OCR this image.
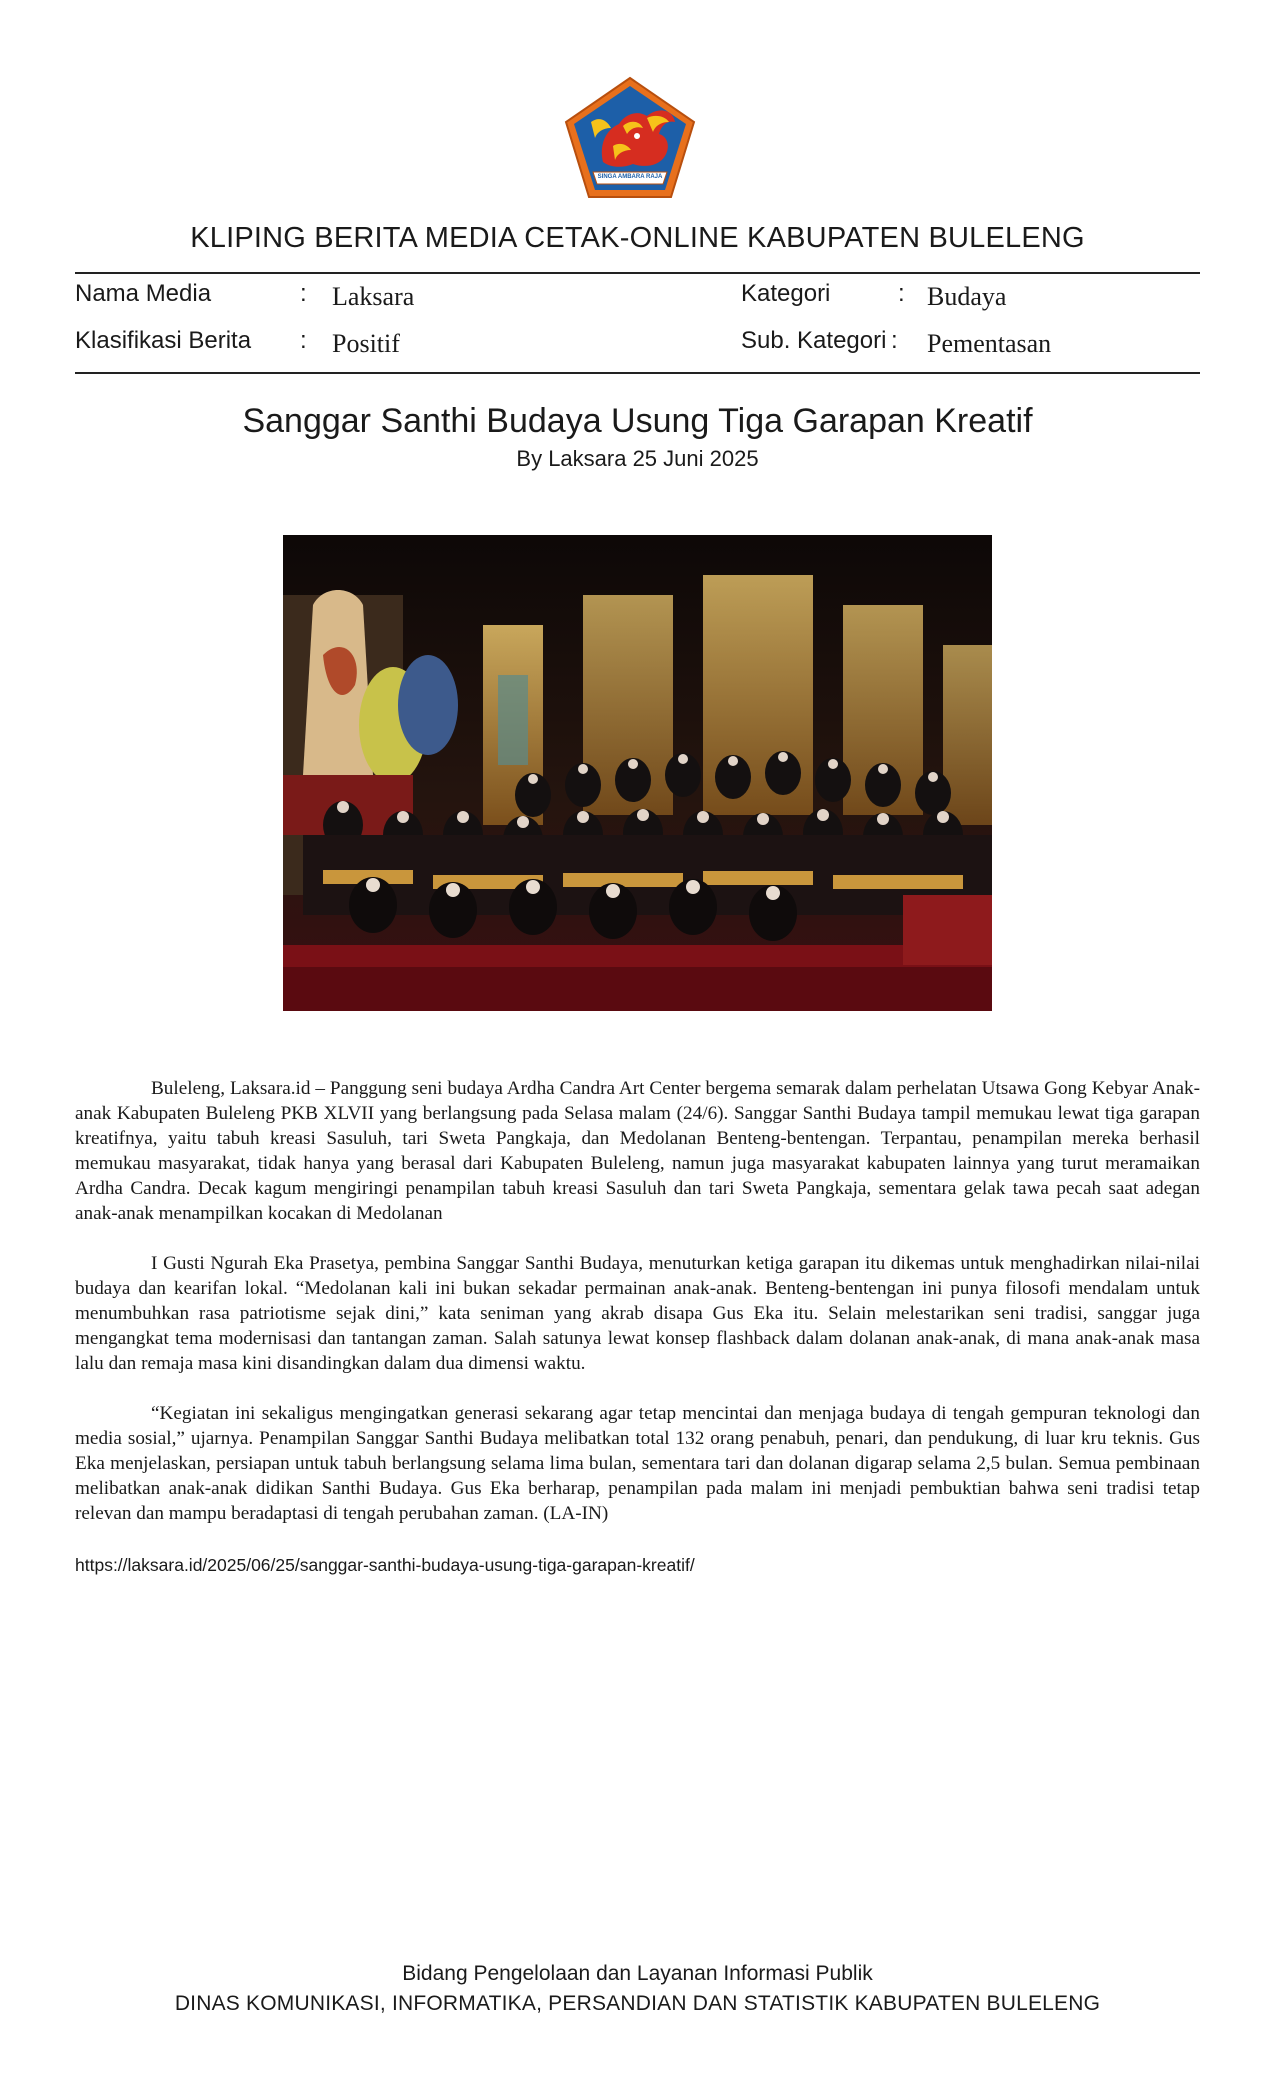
SINGA AMBARA RAJA
KLIPING BERITA MEDIA CETAK-ONLINE KABUPATEN BULELENG
Nama Media	: Laksara	Kategori	: Budaya
Klasifikasi Berita : Positif	Sub. Kategori : Pementasan
Sanggar Santhi Budaya Usung Tiga Garapan Kreatif
By Laksara 25 Juni 2025

Buleleng, Laksara.id – Panggung seni budaya Ardha Candra Art Center bergema semarak dalam perhelatan Utsawa Gong Kebyar Anak-anak Kabupaten Buleleng PKB XLVII yang berlangsung pada Selasa malam (24/6). Sanggar Santhi Budaya tampil memukau lewat tiga garapan kreatifnya, yaitu tabuh kreasi Sasuluh, tari Sweta Pangkaja, dan Medolanan Benteng-bentengan. Terpantau, penampilan mereka berhasil memukau masyarakat, tidak hanya yang berasal dari Kabupaten Buleleng, namun juga masyarakat kabupaten lainnya yang turut meramaikan Ardha Candra. Decak kagum mengiringi penampilan tabuh kreasi Sasuluh dan tari Sweta Pangkaja, sementara gelak tawa pecah saat adegan anak-anak menampilkan kocakan di Medolanan

I Gusti Ngurah Eka Prasetya, pembina Sanggar Santhi Budaya, menuturkan ketiga garapan itu dikemas untuk menghadirkan nilai-nilai budaya dan kearifan lokal. “Medolanan kali ini bukan sekadar permainan anak-anak. Benteng-bentengan ini punya filosofi mendalam untuk menumbuhkan rasa patriotisme sejak dini,” kata seniman yang akrab disapa Gus Eka itu. Selain melestarikan seni tradisi, sanggar juga mengangkat tema modernisasi dan tantangan zaman. Salah satunya lewat konsep flashback dalam dolanan anak-anak, di mana anak-anak masa lalu dan remaja masa kini disandingkan dalam dua dimensi waktu.

“Kegiatan ini sekaligus mengingatkan generasi sekarang agar tetap mencintai dan menjaga budaya di tengah gempuran teknologi dan media sosial,” ujarnya. Penampilan Sanggar Santhi Budaya melibatkan total 132 orang penabuh, penari, dan pendukung, di luar kru teknis. Gus Eka menjelaskan, persiapan untuk tabuh berlangsung selama lima bulan, sementara tari dan dolanan digarap selama 2,5 bulan. Semua pembinaan melibatkan anak-anak didikan Santhi Budaya. Gus Eka berharap, penampilan pada malam ini menjadi pembuktian bahwa seni tradisi tetap relevan dan mampu beradaptasi di tengah perubahan zaman. (LA-IN)

https://laksara.id/2025/06/25/sanggar-santhi-budaya-usung-tiga-garapan-kreatif/
Bidang Pengelolaan dan Layanan Informasi Publik
DINAS KOMUNIKASI, INFORMATIKA, PERSANDIAN DAN STATISTIK KABUPATEN BULELENG
